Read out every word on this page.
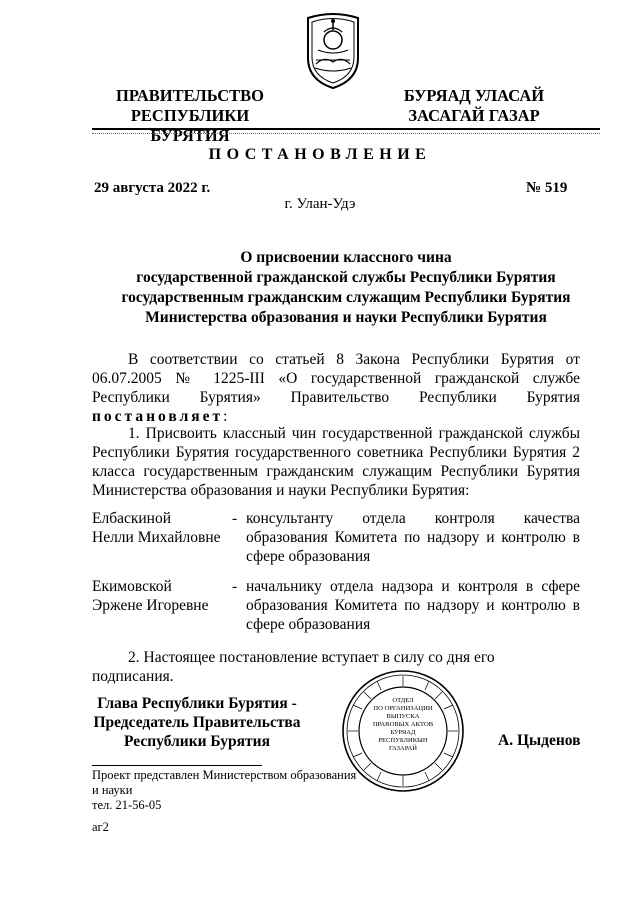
ПРАВИТЕЛЬСТВО
РЕСПУБЛИКИ БУРЯТИЯ
БУРЯАД УЛАСАЙ
ЗАСАГАЙ ГАЗАР
ПОСТАНОВЛЕНИЕ
29 августа 2022 г.	№ 519
г. Улан-Удэ
О присвоении классного чина
государственной гражданской службы Республики Бурятия
государственным гражданским служащим Республики Бурятия
Министерства образования и науки Республики Бурятия
В соответствии со статьей 8 Закона Республики Бурятия от 06.07.2005 № 1225-III «О государственной гражданской службе Республики Бурятия» Правительство Республики Бурятия постановляет:
1. Присвоить классный чин государственной гражданской службы Республики Бурятия государственного советника Республики Бурятия 2 класса государственным гражданским служащим Республики Бурятия Министерства образования и науки Республики Бурятия:
Елбаскиной
Нелли Михайловне
- консультанту отдела контроля качества образования Комитета по надзору и контролю в сфере образования
Екимовской
Эржене Игоревне
- начальнику отдела надзора и контроля в сфере образования Комитета по надзору и контролю в сфере образования
2. Настоящее постановление вступает в силу со дня его подписания.
Глава Республики Бурятия -
Председатель Правительства
Республики Бурятия
ОТДЕЛ
ПО ОРГАНИЗАЦИИ
ВЫПУСКА
ПРАВОВЫХ АКТОВ
БУРЯАД
РЕСПУБЛИКЫН
ГАЗАРАЙ	А. Цыденов
Проект представлен Министерством образования
и науки
тел. 21-56-05
аг2
